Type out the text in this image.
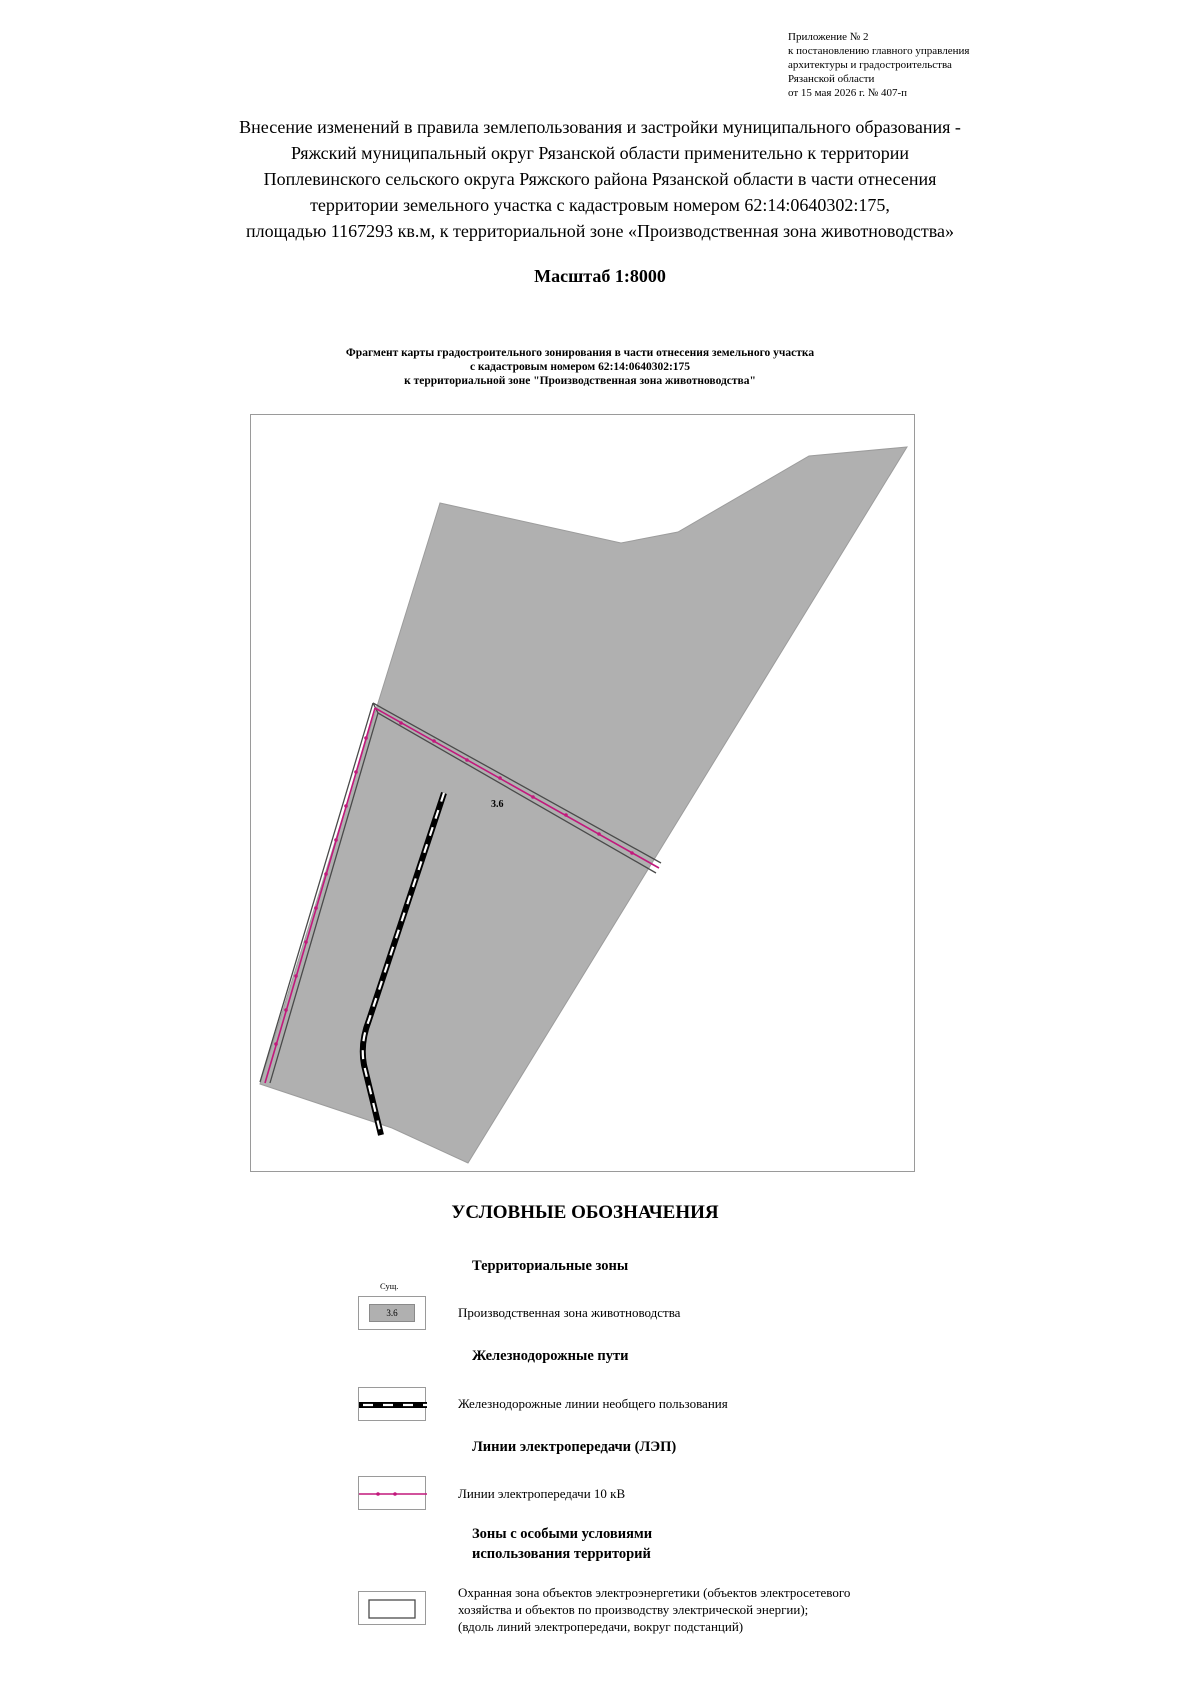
Приложение № 2
к постановлению главного управления
архитектуры и градостроительства
Рязанской области
от 15 мая 2026 г. № 407-п
Внесение изменений в правила землепользования и застройки муниципального образования -
Ряжский муниципальный округ Рязанской области применительно к территории
Поплевинского сельского округа Ряжского района Рязанской области в части отнесения
территории земельного участка с кадастровым номером 62:14:0640302:175,
площадью 1167293 кв.м, к территориальной зоне «Производственная зона животноводства»
Масштаб 1:8000
Фрагмент карты градостроительного зонирования в части отнесения земельного участка
с кадастровым номером 62:14:0640302:175
к территориальной зоне "Производственная зона животноводства"
3.6
УСЛОВНЫЕ ОБОЗНАЧЕНИЯ
Территориальные зоны
Сущ.
3.6	Производственная зона животноводства
Железнодорожные пути
Железнодорожные линии необщего пользования
Линии электропередачи (ЛЭП)
Линии электропередачи 10 кВ
Зоны с особыми условиями
использования территорий
Охранная зона объектов электроэнергетики (объектов электросетевого
хозяйства и объектов по производству электрической энергии);
(вдоль линий электропередачи, вокруг подстанций)
